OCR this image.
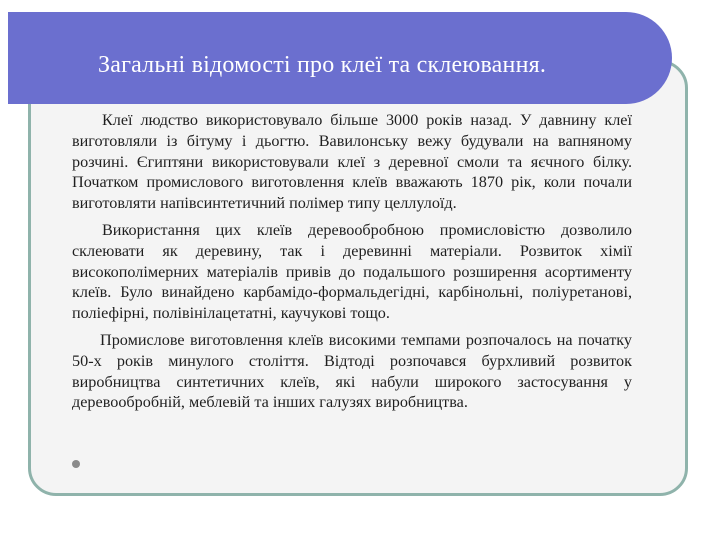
Загальні відомості про клеї та склеювання.

Клеї людство використовувало більше 3000 років назад. У давнину клеї виготовляли із бітуму і дьогтю. Вавилонську вежу будували на вапняному розчині. Єгиптяни використовували клеї з деревної смоли та яєчного білку. Початком промислового виготовлення клеїв вважають 1870 рік, коли почали виготовляти напівсинтетичний полімер типу целлулоїд.

Використання цих клеїв деревообробною промисловістю дозволило склеювати як деревину, так і деревинні матеріали. Розвиток хімії високополімерних матеріалів привів до подальшого розширення асортименту клеїв. Було винайдено карбамідо-формальдегідні, карбінольні, поліуретанові, поліефірні, полівінілацетатні, каучукові тощо.

Промислове виготовлення клеїв високими темпами розпочалось на початку 50-х років минулого століття. Відтоді розпочався бурхливий розвиток виробництва синтетичних клеїв, які набули широкого застосування у деревообробній, меблевій та інших галузях виробництва.
